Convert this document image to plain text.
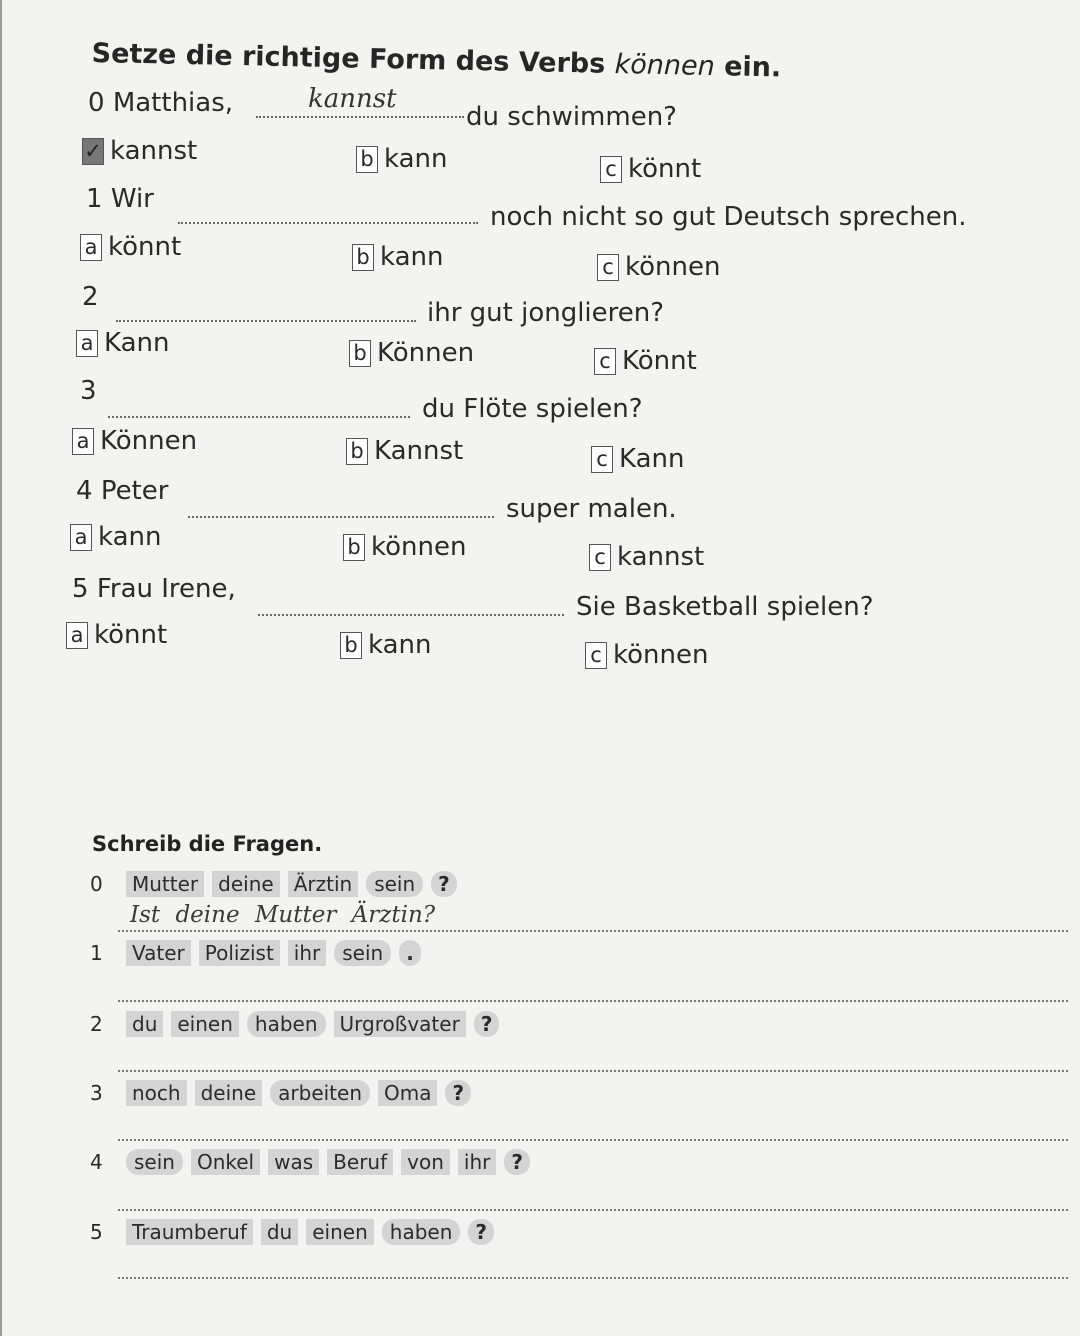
Setze die richtige Form des Verbs können ein.
0 Matthias,	kannst
du schwimmen?
✓ kannst	b kann	c könnt
1 Wir
noch nicht so gut Deutsch sprechen.
a könnt	b kann	c können
2
ihr gut jonglieren?
a Kann	b Können	c Könnt
3
du Flöte spielen?
a Können	b Kannst	c Kann
4 Peter
super malen.
a kann	b können	c kannst
5 Frau Irene,
Sie Basketball spielen?
a könnt	b kann	c können
Schreib die Fragen.
0	Mutter	deine	Ärztin	sein	?
Ist deine Mutter Ärztin?
1	Vater	Polizist	ihr	sein	.
2	du	einen	haben	Urgroßvater	?
3	noch	deine	arbeiten	Oma	?
4	sein	Onkel	was	Beruf	von	ihr	?
5	Traumberuf	du	einen	haben	?
